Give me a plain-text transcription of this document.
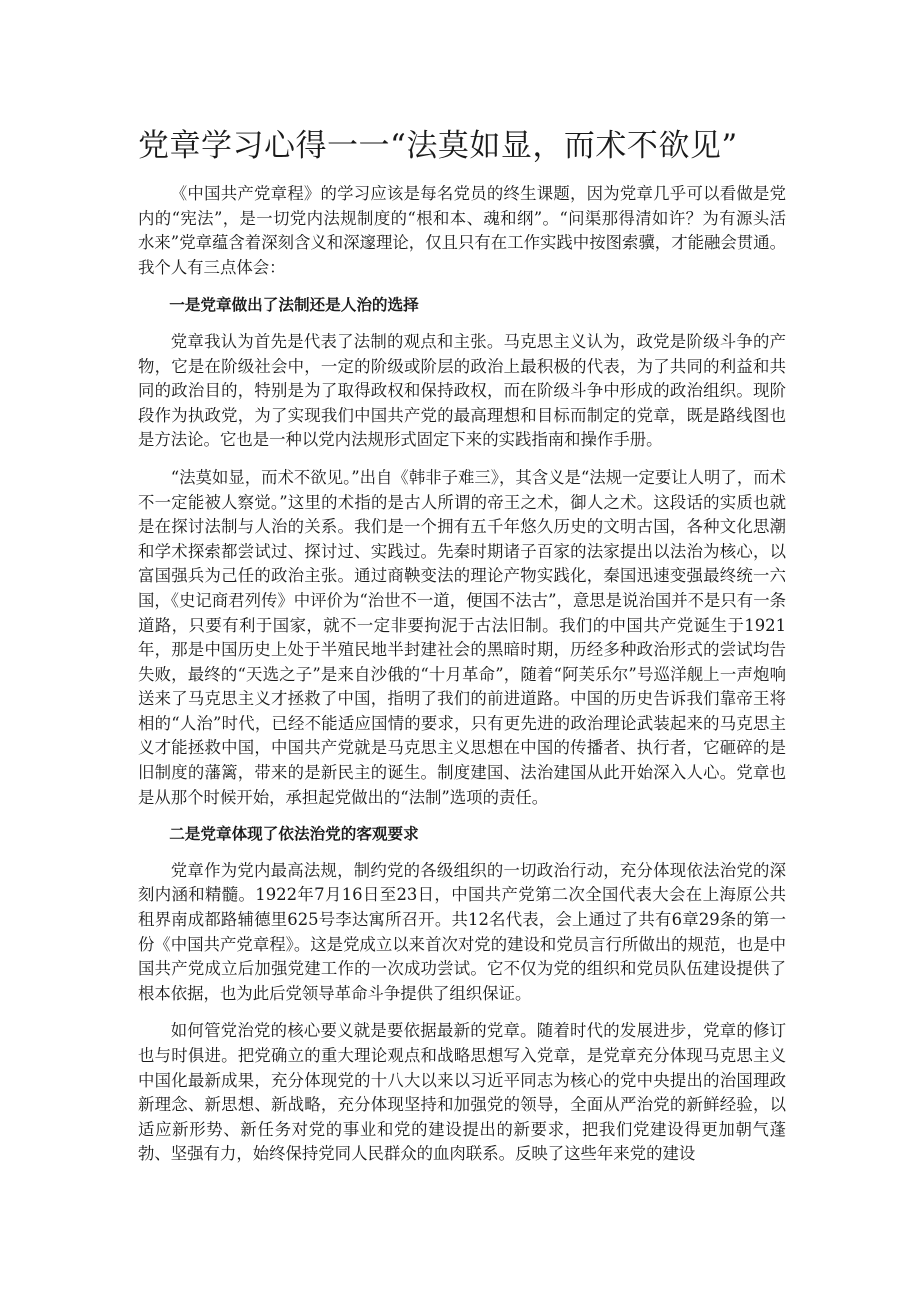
党章学习心得一一“法莫如显，而术不欲见”

《中国共产党章程》的学习应该是每名党员的终生课题，因为党章几乎可以看做是党内的“宪法”，是一切党内法规制度的“根和本、魂和纲”。“问渠那得清如许？为有源头活水来”党章蕴含着深刻含义和深邃理论，仅且只有在工作实践中按图索骥，才能融会贯通。我个人有三点体会：

一是党章做出了法制还是人治的选择

党章我认为首先是代表了法制的观点和主张。马克思主义认为，政党是阶级斗争的产物，它是在阶级社会中，一定的阶级或阶层的政治上最积极的代表，为了共同的利益和共同的政治目的，特别是为了取得政权和保持政权，而在阶级斗争中形成的政治组织。现阶段作为执政党，为了实现我们中国共产党的最高理想和目标而制定的党章，既是路线图也是方法论。它也是一种以党内法规形式固定下来的实践指南和操作手册。

“法莫如显，而术不欲见。”出自《韩非子难三》，其含义是“法规一定要让人明了，而术不一定能被人察觉。”这里的术指的是古人所谓的帝王之术，御人之术。这段话的实质也就是在探讨法制与人治的关系。我们是一个拥有五千年悠久历史的文明古国，各种文化思潮和学术探索都尝试过、探讨过、实践过。先秦时期诸子百家的法家提出以法治为核心，以富国强兵为己任的政治主张。通过商鞅变法的理论产物实践化，秦国迅速变强最终统一六国，《史记商君列传》中评价为“治世不一道，便国不法古”，意思是说治国并不是只有一条道路，只要有利于国家，就不一定非要拘泥于古法旧制。我们的中国共产党诞生于1921年，那是中国历史上处于半殖民地半封建社会的黑暗时期，历经多种政治形式的尝试均告失败，最终的“天选之子”是来自沙俄的“十月革命”，随着“阿芙乐尔”号巡洋舰上一声炮响送来了马克思主义才拯救了中国，指明了我们的前进道路。中国的历史告诉我们靠帝王将相的“人治”时代，已经不能适应国情的要求，只有更先进的政治理论武装起来的马克思主义才能拯救中国，中国共产党就是马克思主义思想在中国的传播者、执行者，它砸碎的是旧制度的藩篱，带来的是新民主的诞生。制度建国、法治建国从此开始深入人心。党章也是从那个时候开始，承担起党做出的“法制”选项的责任。

二是党章体现了依法治党的客观要求

党章作为党内最高法规，制约党的各级组织的一切政治行动，充分体现依法治党的深刻内涵和精髓。1922年7月16日至23日，中国共产党第二次全国代表大会在上海原公共租界南成都路辅德里625号李达寓所召开。共12名代表，会上通过了共有6章29条的第一份《中国共产党章程》。这是党成立以来首次对党的建设和党员言行所做出的规范，也是中国共产党成立后加强党建工作的一次成功尝试。它不仅为党的组织和党员队伍建设提供了根本依据，也为此后党领导革命斗争提供了组织保证。

如何管党治党的核心要义就是要依据最新的党章。随着时代的发展进步，党章的修订也与时俱进。把党确立的重大理论观点和战略思想写入党章，是党章充分体现马克思主义中国化最新成果，充分体现党的十八大以来以习近平同志为核心的党中央提出的治国理政新理念、新思想、新战略，充分体现坚持和加强党的领导，全面从严治党的新鲜经验，以适应新形势、新任务对党的事业和党的建设提出的新要求，把我们党建设得更加朝气蓬勃、坚强有力，始终保持党同人民群众的血肉联系。反映了这些年来党的建设
